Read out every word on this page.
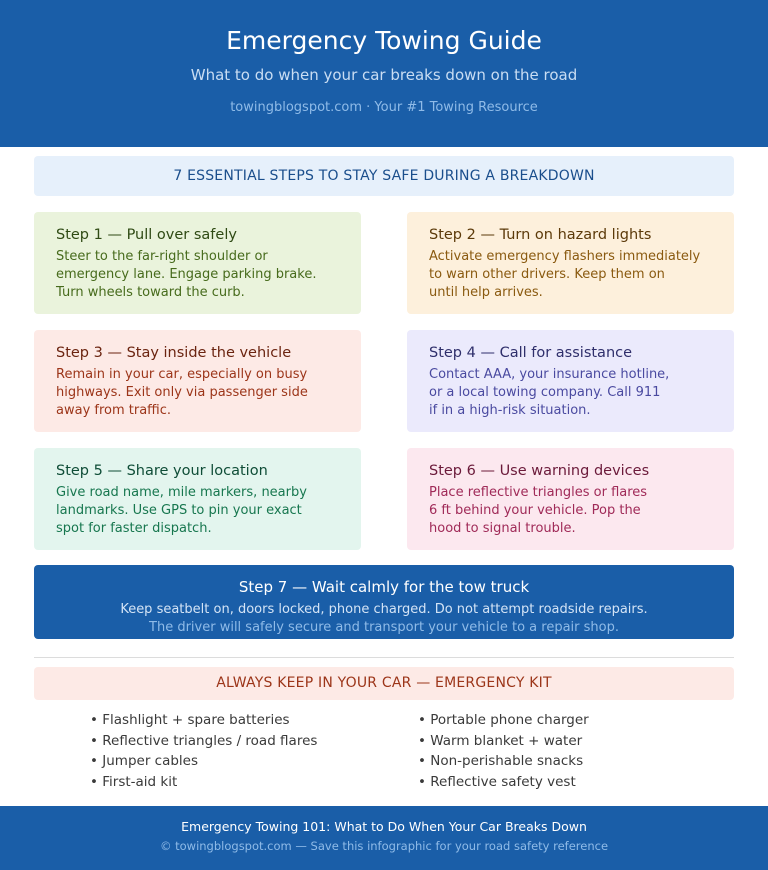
Emergency Towing Guide
What to do when your car breaks down on the road
towingblogspot.com · Your #1 Towing Resource
7 ESSENTIAL STEPS TO STAY SAFE DURING A BREAKDOWN
Step 1 — Pull over safely
Steer to the far-right shoulder or
emergency lane. Engage parking brake.
Turn wheels toward the curb.
Step 2 — Turn on hazard lights
Activate emergency flashers immediately
to warn other drivers. Keep them on
until help arrives.
Step 3 — Stay inside the vehicle
Remain in your car, especially on busy
highways. Exit only via passenger side
away from traffic.
Step 4 — Call for assistance
Contact AAA, your insurance hotline,
or a local towing company. Call 911
if in a high-risk situation.
Step 5 — Share your location
Give road name, mile markers, nearby
landmarks. Use GPS to pin your exact
spot for faster dispatch.
Step 6 — Use warning devices
Place reflective triangles or flares
6 ft behind your vehicle. Pop the
hood to signal trouble.
Step 7 — Wait calmly for the tow truck
Keep seatbelt on, doors locked, phone charged. Do not attempt roadside repairs.
The driver will safely secure and transport your vehicle to a repair shop.
ALWAYS KEEP IN YOUR CAR — EMERGENCY KIT
• Flashlight + spare batteries
• Reflective triangles / road flares
• Jumper cables
• First-aid kit
• Portable phone charger
• Warm blanket + water
• Non-perishable snacks
• Reflective safety vest
Emergency Towing 101: What to Do When Your Car Breaks Down
© towingblogspot.com — Save this infographic for your road safety reference
